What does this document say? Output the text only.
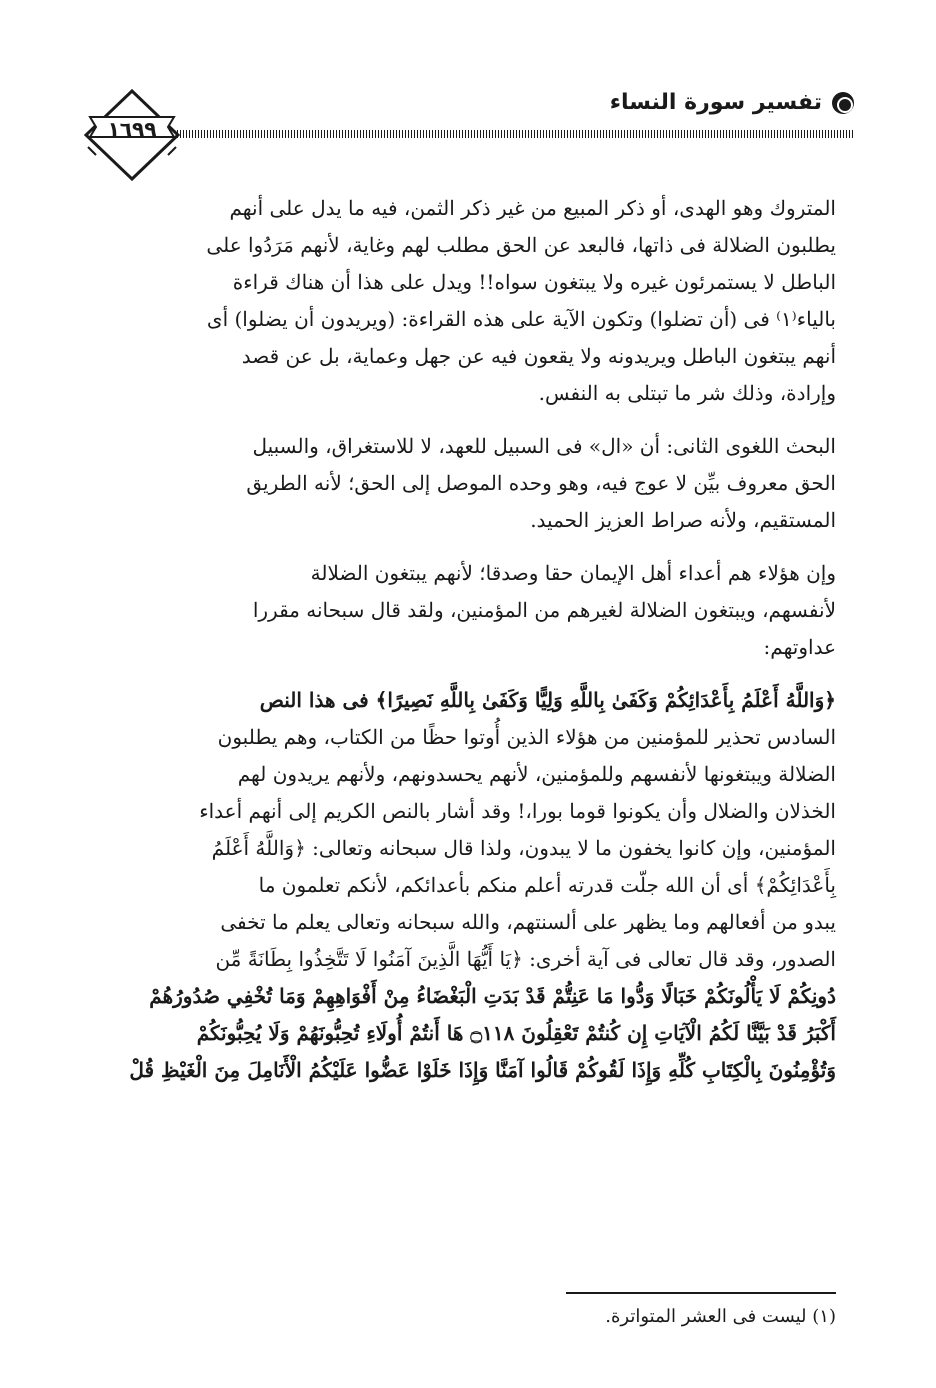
تفسير سورة النساء
١٦٩٩

المتروك وهو الهدى، أو ذكر المبيع من غير ذكر الثمن، فيه ما يدل على أنهم

يطلبون الضلالة فى ذاتها، فالبعد عن الحق مطلب لهم وغاية، لأنهم مَرَدُوا على

الباطل لا يستمرئون غيره ولا يبتغون سواه!! ويدل على هذا أن هناك قراءة

بالياء⁽١⁾ فى (أن تضلوا) وتكون الآية على هذه القراءة: (ويريدون أن يضلوا) أى

أنهم يبتغون الباطل ويريدونه ولا يقعون فيه عن جهل وعماية، بل عن قصد

وإرادة، وذلك شر ما تبتلى به النفس.

البحث اللغوى الثانى: أن «ال» فى السبيل للعهد، لا للاستغراق، والسبيل

الحق معروف بيِّن لا عوج فيه، وهو وحده الموصل إلى الحق؛ لأنه الطريق

المستقيم، ولأنه صراط العزيز الحميد.

وإن هؤلاء هم أعداء أهل الإيمان حقا وصدقا؛ لأنهم يبتغون الضلالة

لأنفسهم، ويبتغون الضلالة لغيرهم من المؤمنين، ولقد قال سبحانه مقررا

عداوتهم:

﴿وَاللَّهُ أَعْلَمُ بِأَعْدَائِكُمْ وَكَفَىٰ بِاللَّهِ وَلِيًّا وَكَفَىٰ بِاللَّهِ نَصِيرًا﴾ فى هذا النص

السادس تحذير للمؤمنين من هؤلاء الذين أُوتوا حظًا من الكتاب، وهم يطلبون

الضلالة ويبتغونها لأنفسهم وللمؤمنين، لأنهم يحسدونهم، ولأنهم يريدون لهم

الخذلان والضلال وأن يكونوا قوما بورا،! وقد أشار بالنص الكريم إلى أنهم أعداء

المؤمنين، وإن كانوا يخفون ما لا يبدون، ولذا قال سبحانه وتعالى: ﴿وَاللَّهُ أَعْلَمُ

بِأَعْدَائِكُمْ﴾ أى أن الله جلّت قدرته أعلم منكم بأعدائكم، لأنكم تعلمون ما

يبدو من أفعالهم وما يظهر على ألسنتهم، والله سبحانه وتعالى يعلم ما تخفى

الصدور، وقد قال تعالى فى آية أخرى: ﴿يَا أَيُّهَا الَّذِينَ آمَنُوا لَا تَتَّخِذُوا بِطَانَةً مِّن

دُونِكُمْ لَا يَأْلُونَكُمْ خَبَالًا وَدُّوا مَا عَنِتُّمْ قَدْ بَدَتِ الْبَغْضَاءُ مِنْ أَفْوَاهِهِمْ وَمَا تُخْفِي صُدُورُهُمْ

أَكْبَرُ قَدْ بَيَّنَّا لَكُمُ الْآيَاتِ إِن كُنتُمْ تَعْقِلُونَ ۝١١٨ هَا أَنتُمْ أُولَاءِ تُحِبُّونَهُمْ وَلَا يُحِبُّونَكُمْ

وَتُؤْمِنُونَ بِالْكِتَابِ كُلِّهِ وَإِذَا لَقُوكُمْ قَالُوا آمَنَّا وَإِذَا خَلَوْا عَضُّوا عَلَيْكُمُ الْأَنَامِلَ مِنَ الْغَيْظِ قُلْ

(١) ليست فى العشر المتواترة.
